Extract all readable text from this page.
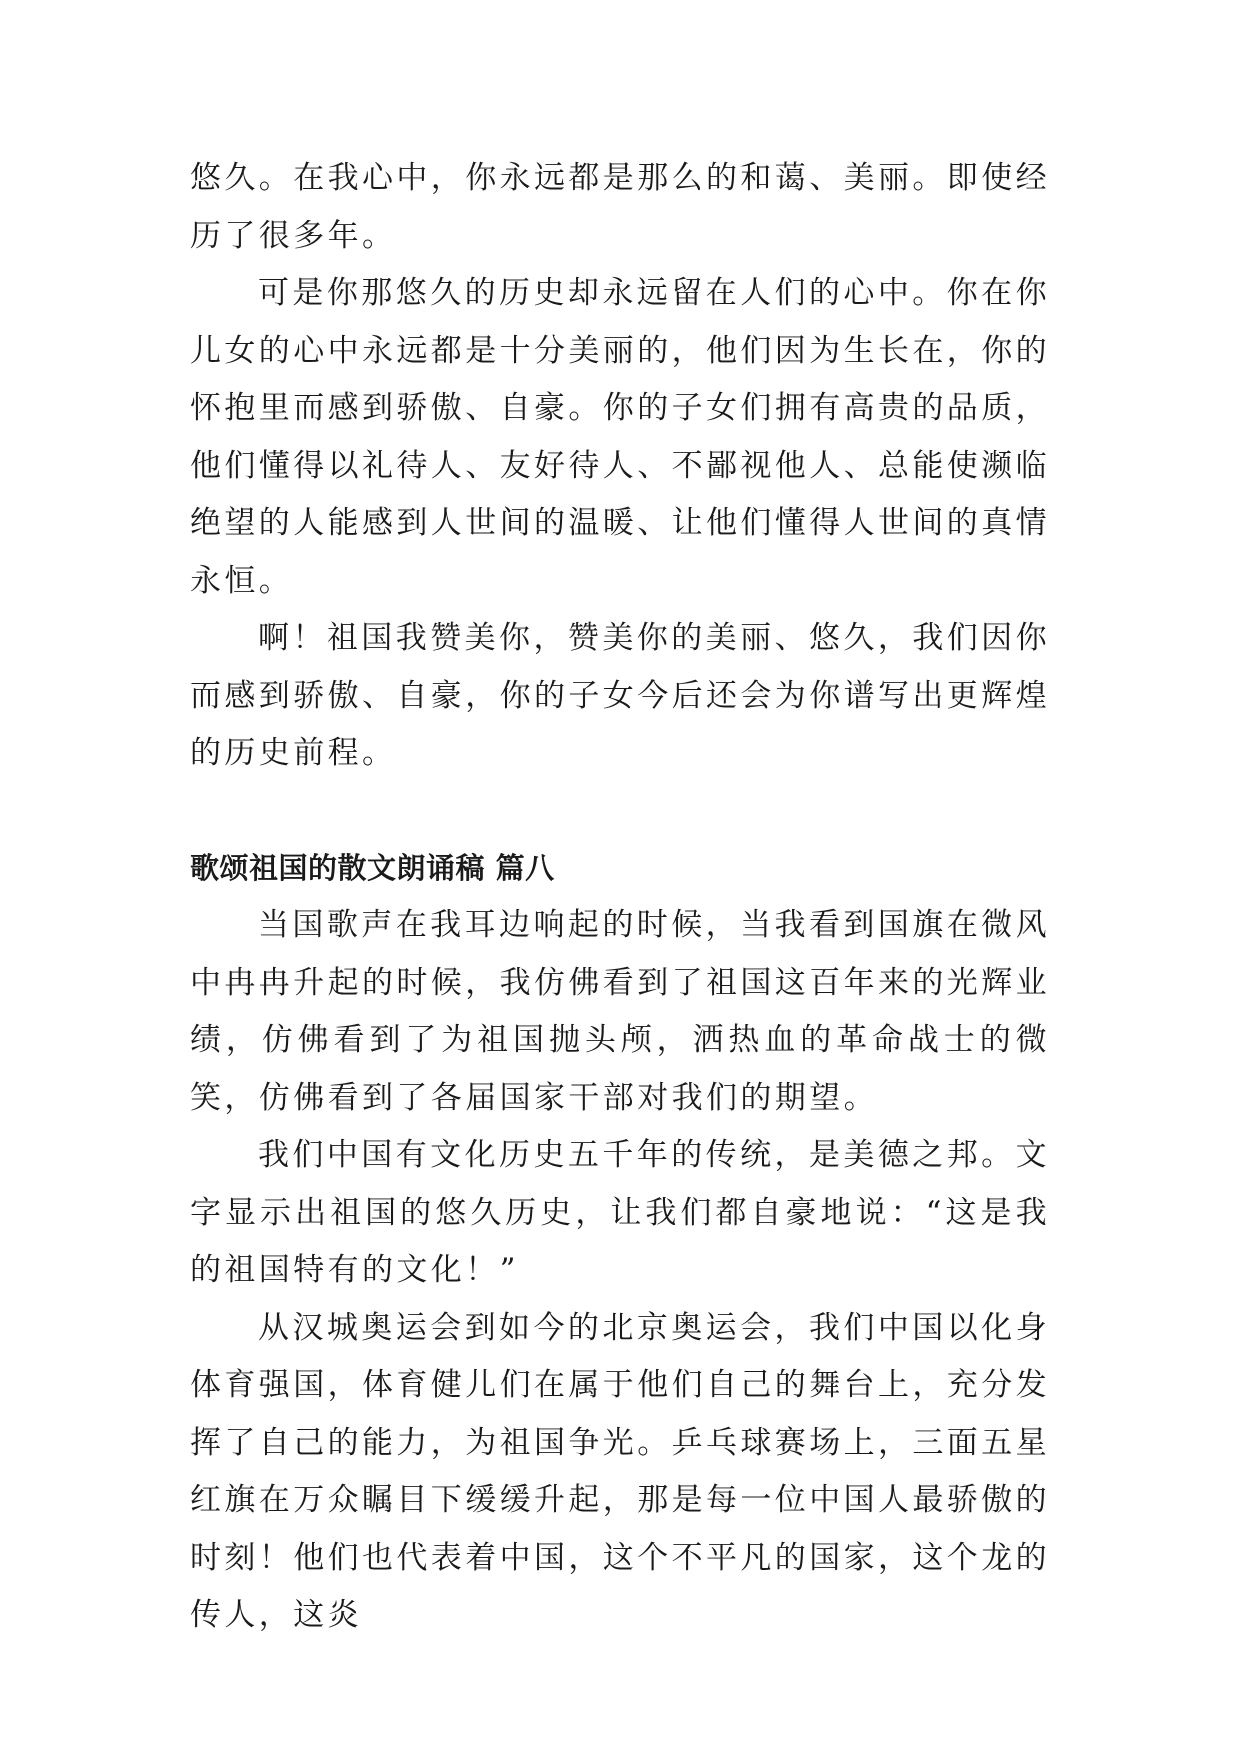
悠久。在我心中，你永远都是那么的和蔼、美丽。即使经历了很多年。

可是你那悠久的历史却永远留在人们的心中。你在你儿女的心中永远都是十分美丽的，他们因为生长在，你的怀抱里而感到骄傲、自豪。你的子女们拥有高贵的品质，他们懂得以礼待人、友好待人、不鄙视他人、总能使濒临绝望的人能感到人世间的温暖、让他们懂得人世间的真情永恒。

啊！祖国我赞美你，赞美你的美丽、悠久，我们因你而感到骄傲、自豪，你的子女今后还会为你谱写出更辉煌的历史前程。

歌颂祖国的散文朗诵稿 篇八

当国歌声在我耳边响起的时候，当我看到国旗在微风中冉冉升起的时候，我仿佛看到了祖国这百年来的光辉业绩，仿佛看到了为祖国抛头颅，洒热血的革命战士的微笑，仿佛看到了各届国家干部对我们的期望。

我们中国有文化历史五千年的传统，是美德之邦。文字显示出祖国的悠久历史，让我们都自豪地说：“这是我的祖国特有的文化！”

从汉城奥运会到如今的北京奥运会，我们中国以化身体育强国，体育健儿们在属于他们自己的舞台上，充分发挥了自己的能力，为祖国争光。乒乓球赛场上，三面五星红旗在万众瞩目下缓缓升起，那是每一位中国人最骄傲的时刻！他们也代表着中国，这个不平凡的国家，这个龙的传人，这炎
